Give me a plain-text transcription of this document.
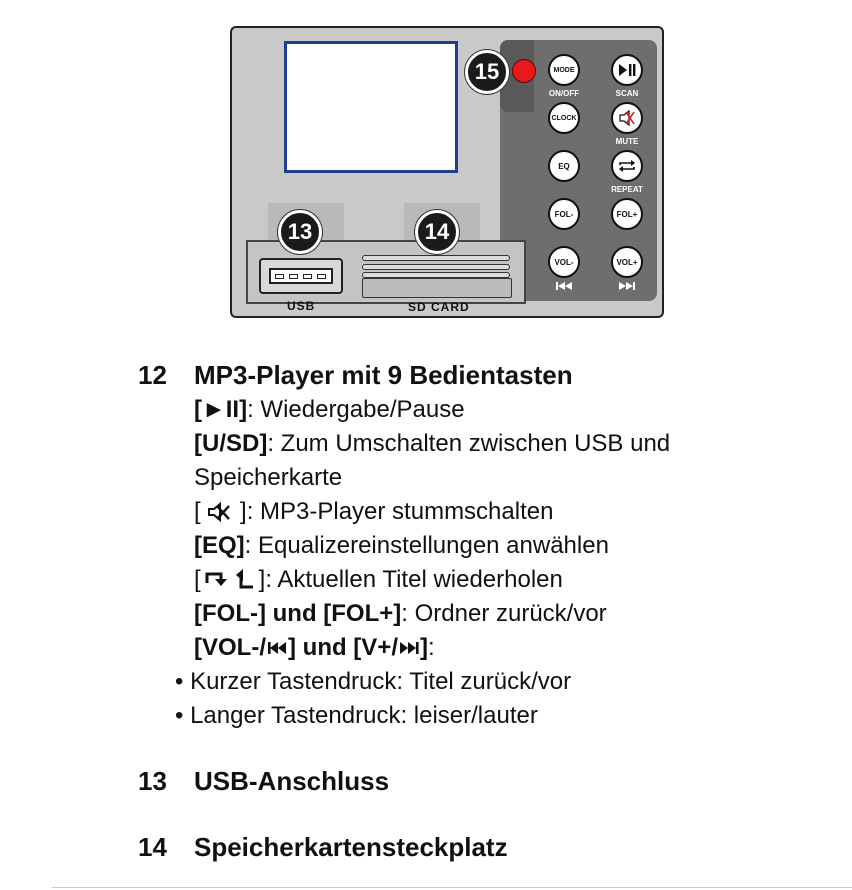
MODE
ON/OFF
CLOCK
EQ
FOL-
VOL-
SCAN
MUTE
REPEAT
FOL+
VOL+
USB	SD CARD
13	14
15
12 MP3-Player mit 9 Bedientasten
[►II]: Wiedergabe/Pause
[U/SD]: Zum Umschalten zwischen USB und
Speicherkarte
[ ]: MP3-Player stummschalten
[EQ]: Equalizereinstellungen anwählen
[ ]: Aktuellen Titel wiederholen
[FOL-] und [FOL+]: Ordner zurück/vor
[VOL-/ ] und [V+/ ]:
• Kurzer Tastendruck: Titel zurück/vor
• Langer Tastendruck: leiser/lauter
13 USB-Anschluss
14 Speicherkartensteckplatz
